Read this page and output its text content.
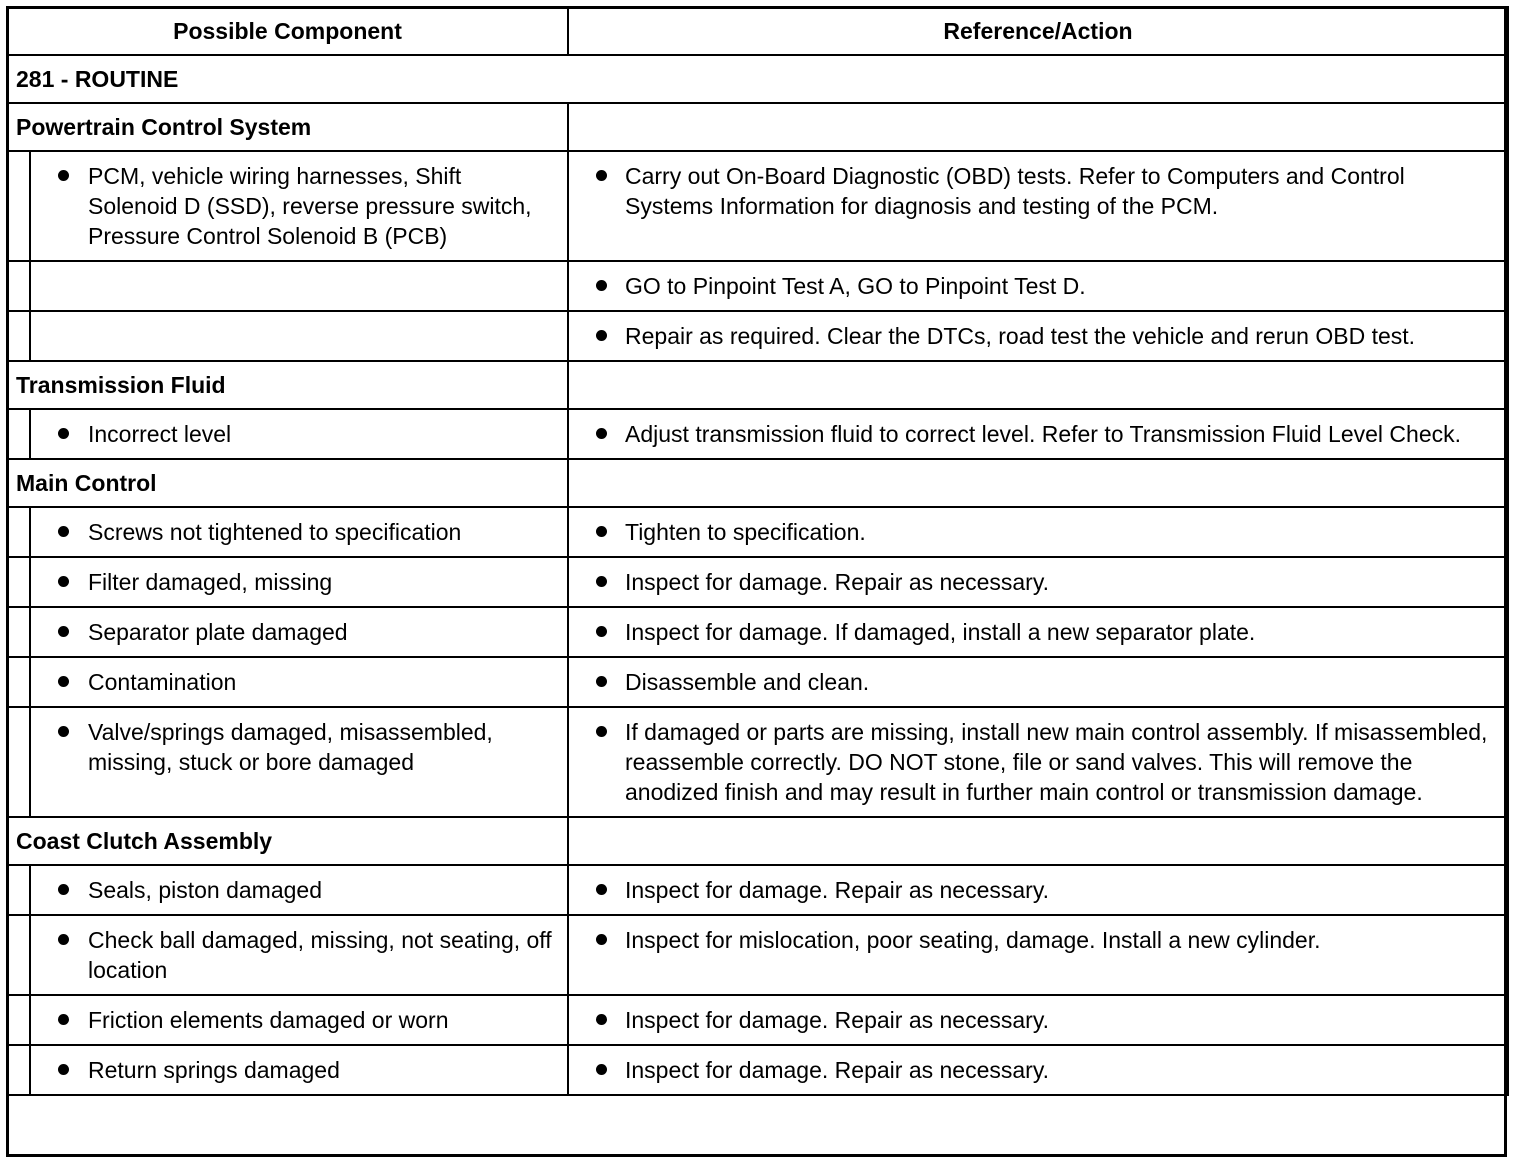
Possible Component		Reference/Action
281 - ROUTINE		
Powertrain Control System		

	PCM, vehicle wiring harnesses, Shift Solenoid D (SSD), reverse pressure switch, Pressure Control Solenoid B (PCB)	Carry out On-Board Diagnostic (OBD) tests. Refer to Computers and Control Systems Information for diagnosis and testing of the PCM.

		GO to Pinpoint Test A, GO to Pinpoint Test D.

		Repair as required. Clear the DTCs, road test the vehicle and rerun OBD test.

Transmission Fluid		

	Incorrect level	Adjust transmission fluid to correct level. Refer to Transmission Fluid Level Check.

Main Control		

	Screws not tightened to specification	Tighten to specification.

	Filter damaged, missing	Inspect for damage. Repair as necessary.

	Separator plate damaged	Inspect for damage. If damaged, install a new separator plate.

	Contamination	Disassemble and clean.

	Valve/springs damaged, misassembled, missing, stuck or bore damaged	If damaged or parts are missing, install new main control assembly. If misassembled, reassemble correctly. DO NOT stone, file or sand valves. This will remove the anodized finish and may result in further main control or transmission damage.

Coast Clutch Assembly		

	Seals, piston damaged	Inspect for damage. Repair as necessary.

	Check ball damaged, missing, not seating, off location	Inspect for mislocation, poor seating, damage. Install a new cylinder.

	Friction elements damaged or worn	Inspect for damage. Repair as necessary.

	Return springs damaged	Inspect for damage. Repair as necessary.
